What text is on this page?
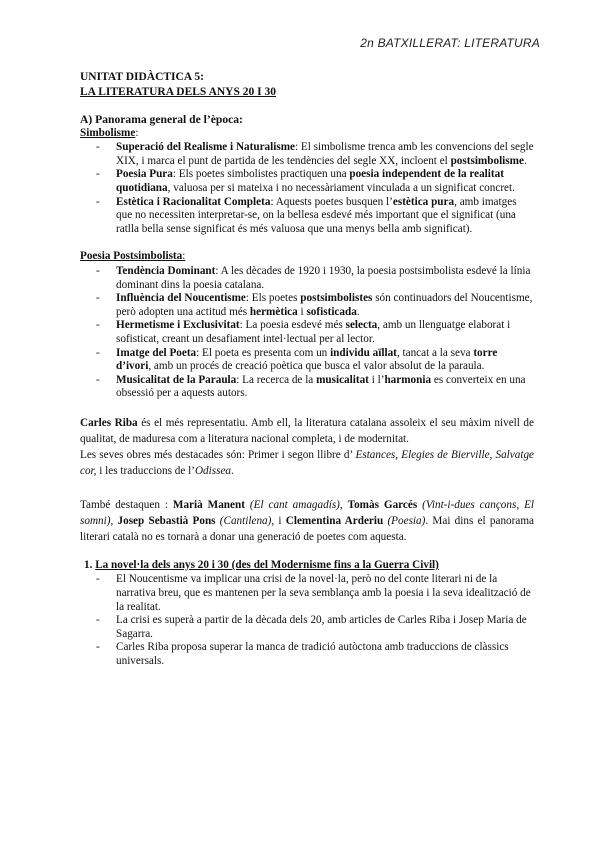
2n BATXILLERAT: LITERATURA
UNITAT DIDÀCTICA 5:
LA LITERATURA DELS ANYS 20 I 30
A) Panorama general de l’època:
Simbolisme:
- Superació del Realisme i Naturalisme: El simbolisme trenca amb les convencions del segle XIX, i marca el punt de partida de les tendències del segle XX, incloent el postsimbolisme.
- Poesia Pura: Els poetes simbolistes practiquen una poesia independent de la realitat quotidiana, valuosa per si mateixa i no necessàriament vinculada a un significat concret.
- Estètica i Racionalitat Completa: Aquests poetes busquen l’estètica pura, amb imatges que no necessiten interpretar-se, on la bellesa esdevé més important que el significat (una ratlla bella sense significat és més valuosa que una menys bella amb significat).
Poesia Postsimbolista:
- Tendència Dominant: A les dècades de 1920 i 1930, la poesia postsimbolista esdevé la línia dominant dins la poesia catalana.
- Influència del Noucentisme: Els poetes postsimbolistes són continuadors del Noucentisme, però adopten una actitud més hermètica i sofisticada.
- Hermetisme i Exclusivitat: La poesia esdevé més selecta, amb un llenguatge elaborat i sofisticat, creant un desafiament intel·lectual per al lector.
- Imatge del Poeta: El poeta es presenta com un individu aïllat, tancat a la seva torre d’ivori, amb un procés de creació poètica que busca el valor absolut de la paraula.
- Musicalitat de la Paraula: La recerca de la musicalitat i l’harmonia es converteix en una obsessió per a aquests autors.
Carles Riba és el més representatiu. Amb ell, la literatura catalana assoleix el seu màxim nivell de qualitat, de maduresa com a literatura nacional completa, i de modernitat.
Les seves obres més destacades són: Primer i segon llibre d’ Estances, Elegies de Bierville, Salvatge cor, i les traduccions de l’Odissea.
També destaquen : Marià Manent (El cant amagadís), Tomàs Garcés (Vint-i-dues cançons, El somni), Josep Sebastià Pons (Cantilena), i Clementina Arderiu (Poesia). Mai dins el panorama literari català no es tornarà a donar una generació de poetes com aquesta.
1. La novel·la dels anys 20 i 30 (des del Modernisme fins a la Guerra Civil)
- El Noucentisme va implicar una crisi de la novel·la, però no del conte literari ni de la narrativa breu, que es mantenen per la seva semblança amb la poesia i la seva idealització de la realitat.
- La crisi es superà a partir de la dècada dels 20, amb articles de Carles Riba i Josep Maria de Sagarra.
- Carles Riba proposa superar la manca de tradició autòctona amb traduccions de clàssics universals.
